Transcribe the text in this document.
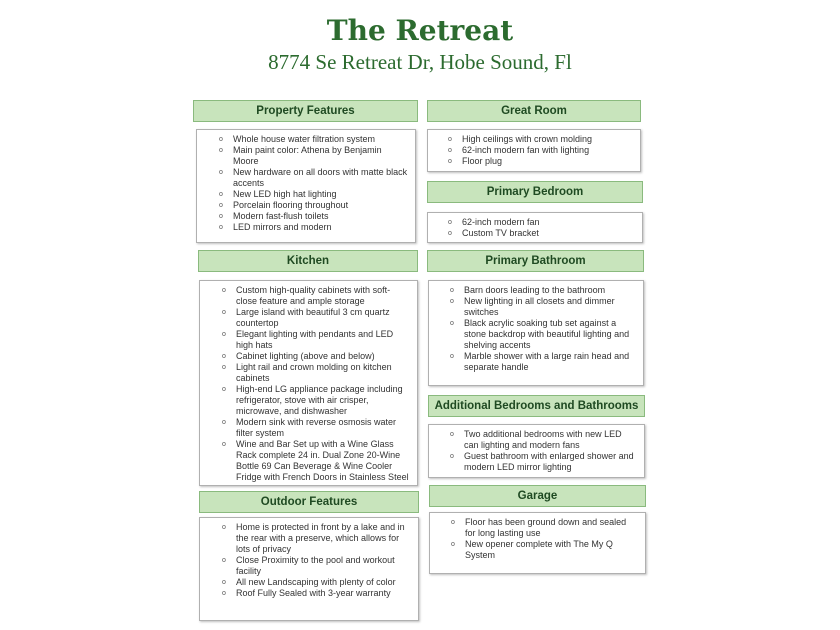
The Retreat
8774 Se Retreat Dr, Hobe Sound, Fl
Property Features
o Whole house water filtration system
o Main paint color: Athena by Benjamin Moore
o New hardware on all doors with matte black accents
o New LED high hat lighting
o Porcelain flooring throughout
o Modern fast-flush toilets
o LED mirrors and modern
Great Room
o High ceilings with crown molding
o 62-inch modern fan with lighting
o Floor plug
Primary Bedroom
o 62-inch modern fan
o Custom TV bracket
Kitchen
o Custom high-quality cabinets with soft-close feature and ample storage
o Large island with beautiful 3 cm quartz countertop
o Elegant lighting with pendants and LED high hats
o Cabinet lighting (above and below)
o Light rail and crown molding on kitchen cabinets
o High-end LG appliance package including refrigerator, stove with air crisper, microwave, and dishwasher
o Modern sink with reverse osmosis water filter system
o Wine and Bar Set up with a Wine Glass Rack complete 24 in. Dual Zone 20-Wine Bottle 69 Can Beverage & Wine Cooler Fridge with French Doors in Stainless Steel
Primary Bathroom
o Barn doors leading to the bathroom
o New lighting in all closets and dimmer switches
o Black acrylic soaking tub set against a stone backdrop with beautiful lighting and shelving accents
o Marble shower with a large rain head and separate handle
Additional Bedrooms and Bathrooms
o Two additional bedrooms with new LED can lighting and modern fans
o Guest bathroom with enlarged shower and modern LED mirror lighting
Outdoor Features
o Home is protected in front by a lake and in the rear with a preserve, which allows for lots of privacy
o Close Proximity to the pool and workout facility
o All new Landscaping with plenty of color
o Roof Fully Sealed with 3-year warranty
Garage
o Floor has been ground down and sealed for long lasting use
o New opener complete with The My Q System
